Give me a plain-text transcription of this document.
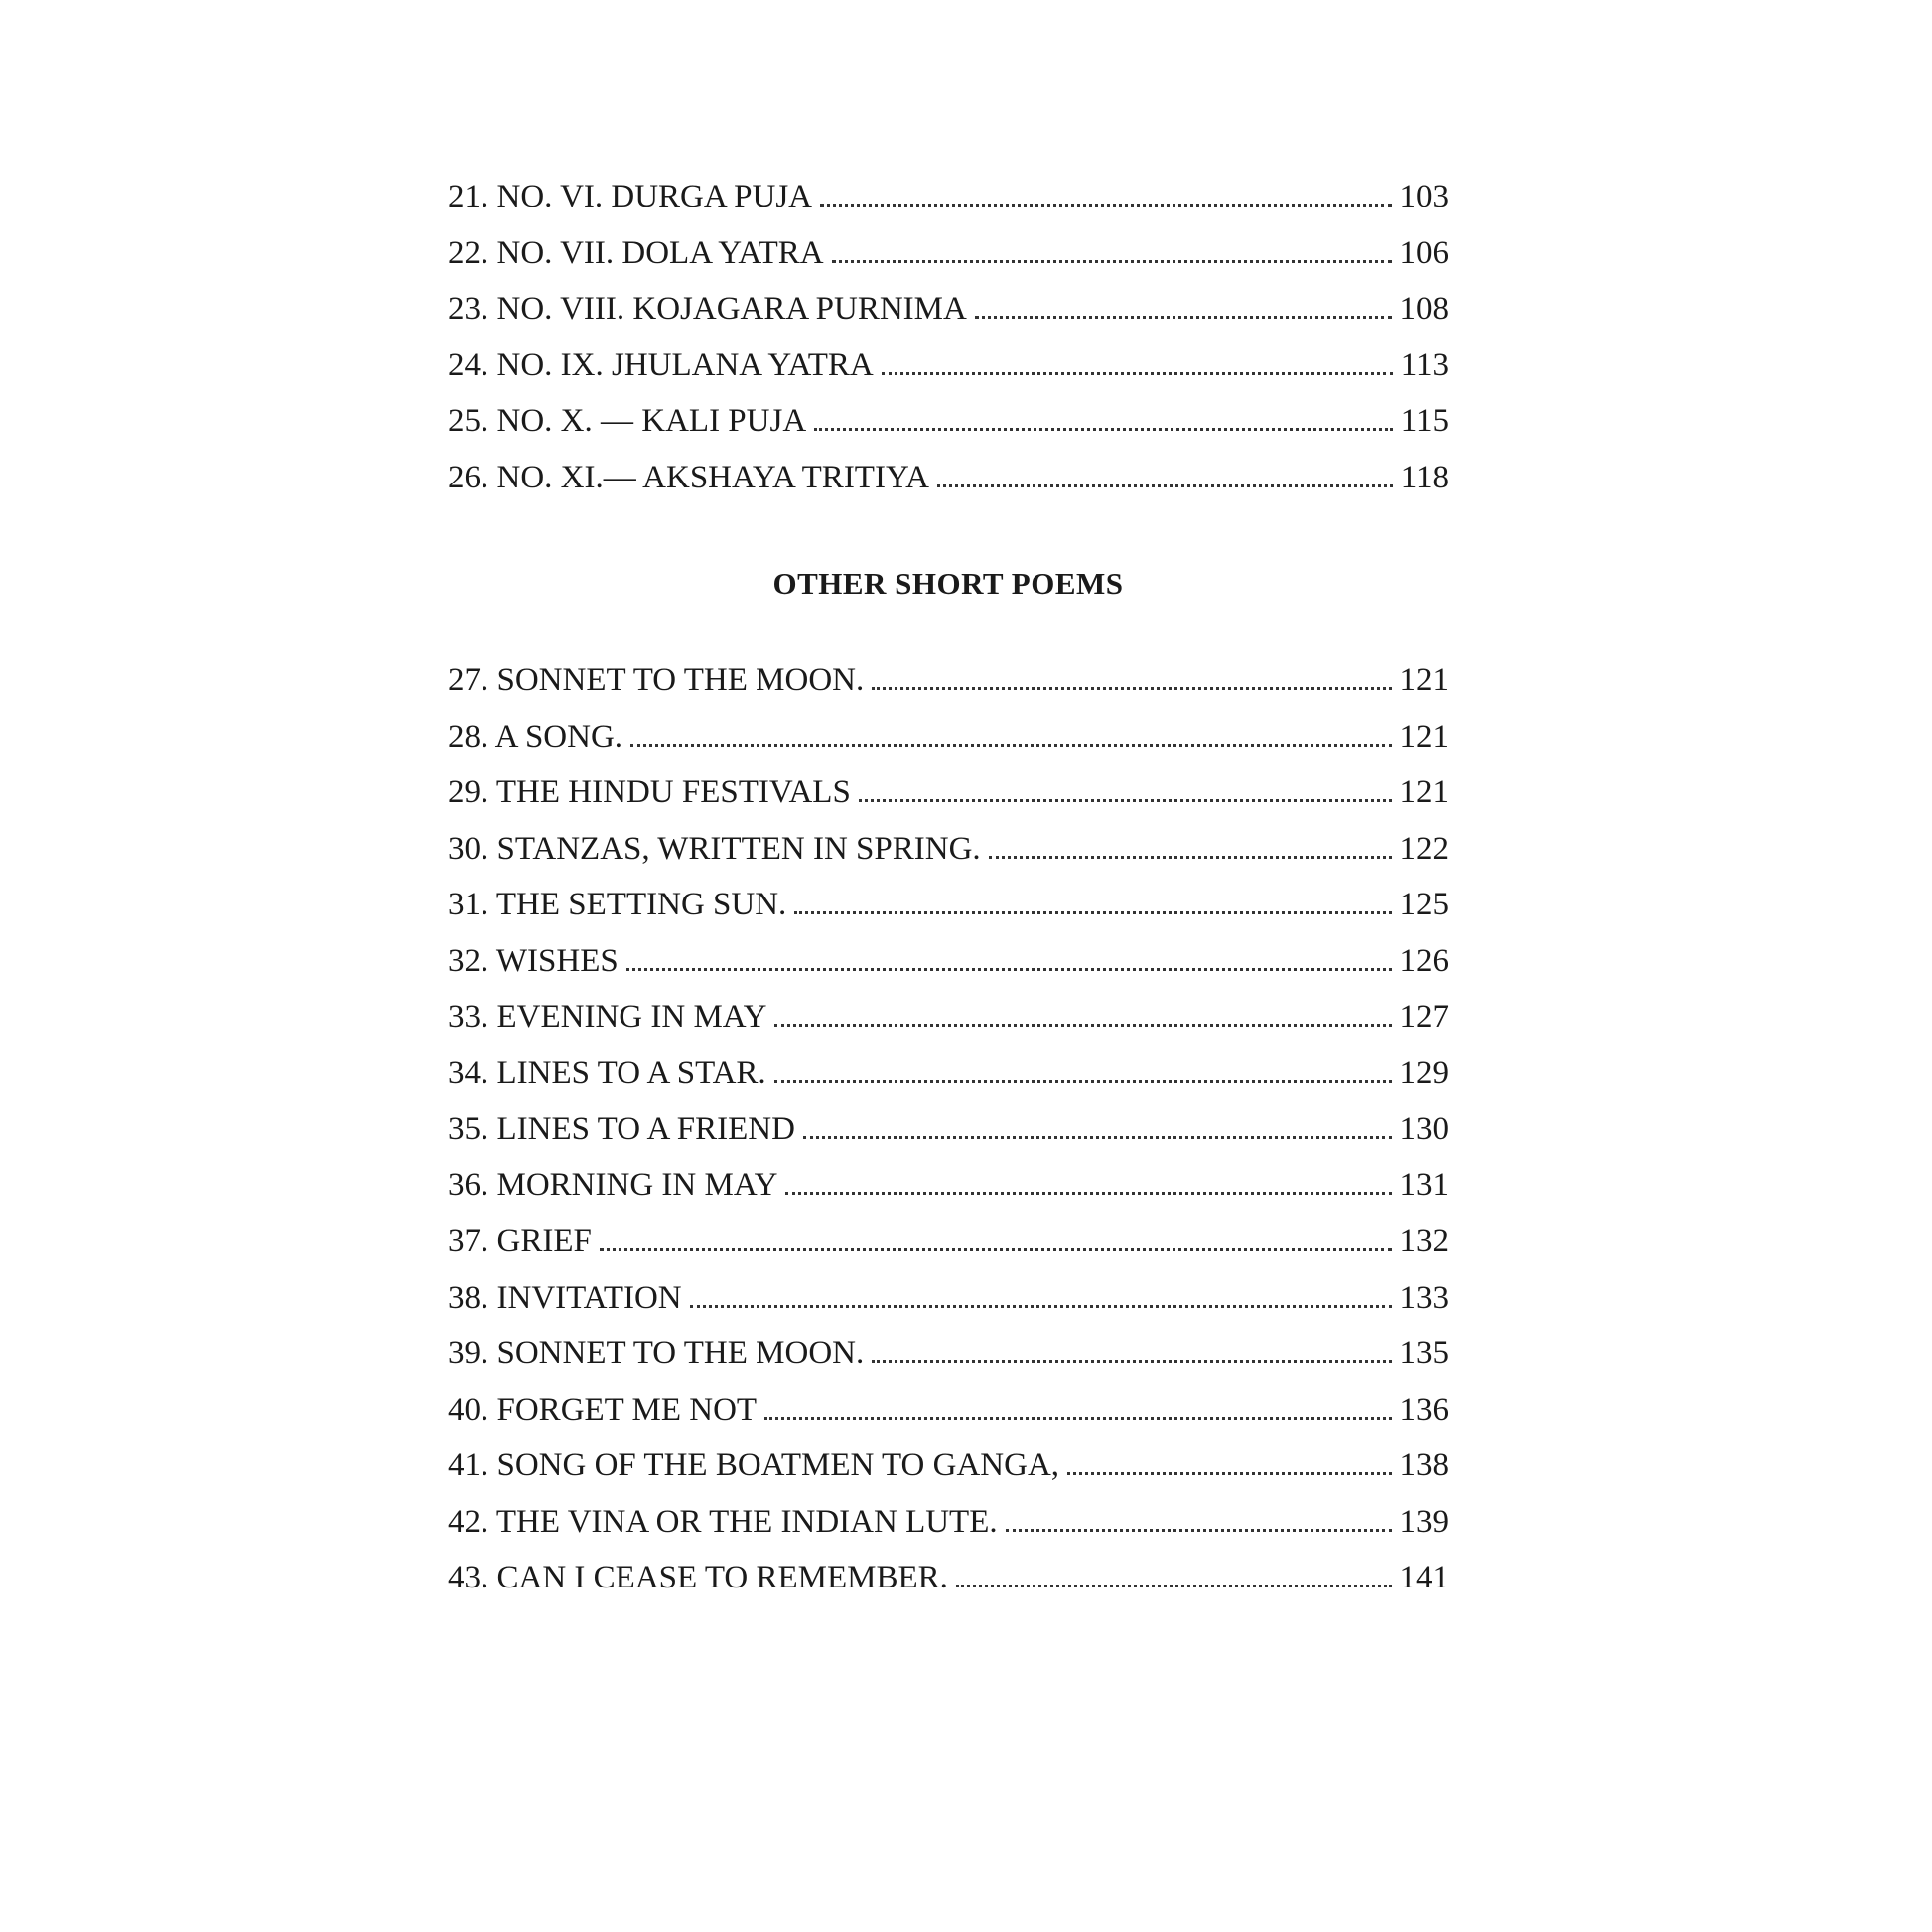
21. NO. VI. DURGA PUJA	103
22. NO. VII. DOLA YATRA	106
23. NO. VIII. KOJAGARA PURNIMA	108
24. NO. IX. JHULANA YATRA	113
25. NO. X. — KALI PUJA	115
26. NO. XI.— AKSHAYA TRITIYA	118
OTHER SHORT POEMS
27. SONNET TO THE MOON.	121
28. A SONG.	121
29. THE HINDU FESTIVALS	121
30. STANZAS, WRITTEN IN SPRING.	122
31. THE SETTING SUN.	125
32. WISHES	126
33. EVENING IN MAY	127
34. LINES TO A STAR.	129
35. LINES TO A FRIEND	130
36. MORNING IN MAY	131
37. GRIEF	132
38. INVITATION	133
39. SONNET TO THE MOON.	135
40. FORGET ME NOT	136
41. SONG OF THE BOATMEN TO GANGA,	138
42. THE VINA OR THE INDIAN LUTE.	139
43. CAN I CEASE TO REMEMBER.	141
